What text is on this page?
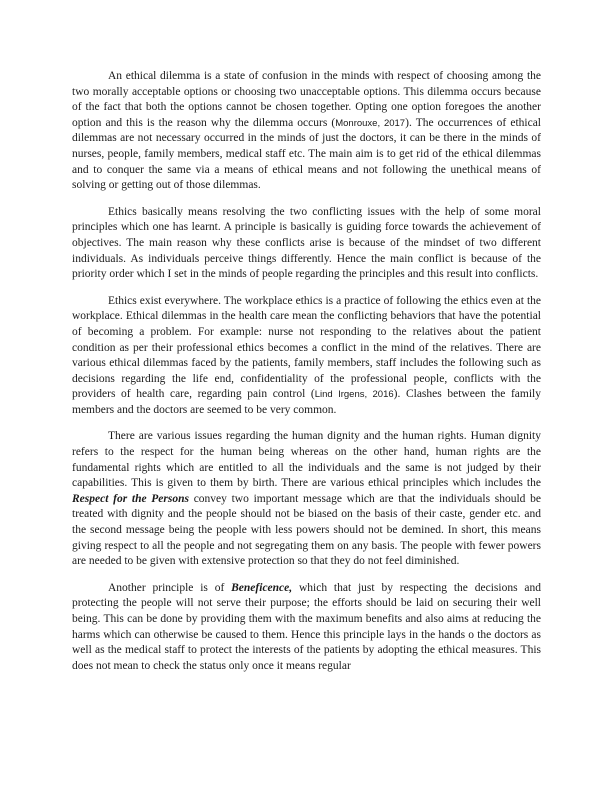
An ethical dilemma is a state of confusion in the minds with respect of choosing among the two morally acceptable options or choosing two unacceptable options. This dilemma occurs because of the fact that both the options cannot be chosen together. Opting one option foregoes the another option and this is the reason why the dilemma occurs (Monrouxe, 2017). The occurrences of ethical dilemmas are not necessary occurred in the minds of just the doctors, it can be there in the minds of nurses, people, family members, medical staff etc. The main aim is to get rid of the ethical dilemmas and to conquer the same via a means of ethical means and not following the unethical means of solving or getting out of those dilemmas.

Ethics basically means resolving the two conflicting issues with the help of some moral principles which one has learnt. A principle is basically is guiding force towards the achievement of objectives. The main reason why these conflicts arise is because of the mindset of two different individuals. As individuals perceive things differently. Hence the main conflict is because of the priority order which I set in the minds of people regarding the principles and this result into conflicts.

Ethics exist everywhere. The workplace ethics is a practice of following the ethics even at the workplace. Ethical dilemmas in the health care mean the conflicting behaviors that have the potential of becoming a problem. For example: nurse not responding to the relatives about the patient condition as per their professional ethics becomes a conflict in the mind of the relatives. There are various ethical dilemmas faced by the patients, family members, staff includes the following such as decisions regarding the life end, confidentiality of the professional people, conflicts with the providers of health care, regarding pain control (Lind Irgens, 2016). Clashes between the family members and the doctors are seemed to be very common.

There are various issues regarding the human dignity and the human rights. Human dignity refers to the respect for the human being whereas on the other hand, human rights are the fundamental rights which are entitled to all the individuals and the same is not judged by their capabilities. This is given to them by birth. There are various ethical principles which includes the Respect for the Persons convey two important message which are that the individuals should be treated with dignity and the people should not be biased on the basis of their caste, gender etc. and the second message being the people with less powers should not be demined. In short, this means giving respect to all the people and not segregating them on any basis. The people with fewer powers are needed to be given with extensive protection so that they do not feel diminished.

Another principle is of Beneficence, which that just by respecting the decisions and protecting the people will not serve their purpose; the efforts should be laid on securing their well being. This can be done by providing them with the maximum benefits and also aims at reducing the harms which can otherwise be caused to them. Hence this principle lays in the hands o the doctors as well as the medical staff to protect the interests of the patients by adopting the ethical measures. This does not mean to check the status only once it means regular
